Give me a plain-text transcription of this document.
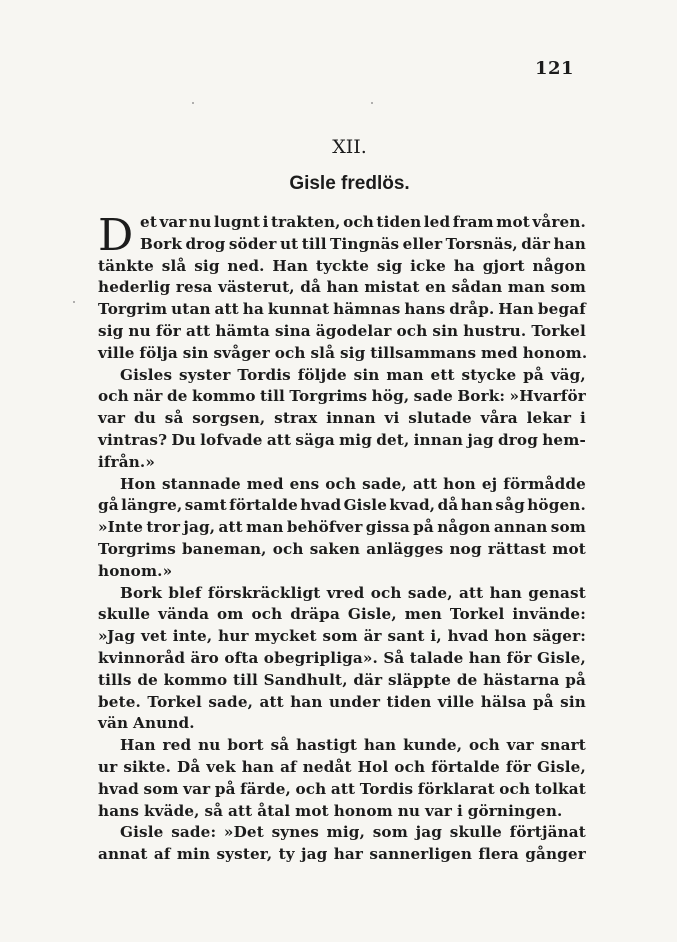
121
XII.
Gisle fredlös.
D et var nu lugnt i trakten, och tiden led fram mot våren.
Bork drog söder ut till Tingnäs eller Torsnäs, där han
tänkte slå sig ned. Han tyckte sig icke ha gjort någon
hederlig resa västerut, då han mistat en sådan man som
Torgrim utan att ha kunnat hämnas hans dråp. Han begaf
sig nu för att hämta sina ägodelar och sin hustru. Torkel
ville följa sin svåger och slå sig tillsammans med honom.
Gisles syster Tordis följde sin man ett stycke på väg,
och när de kommo till Torgrims hög, sade Bork: »Hvarför
var du så sorgsen, strax innan vi slutade våra lekar i
vintras? Du lofvade att säga mig det, innan jag drog hem-
ifrån.»
Hon stannade med ens och sade, att hon ej förmådde
gå längre, samt förtalde hvad Gisle kvad, då han såg högen.
»Inte tror jag, att man behöfver gissa på någon annan som
Torgrims baneman, och saken anlägges nog rättast mot
honom.»
Bork blef förskräckligt vred och sade, att han genast
skulle vända om och dräpa Gisle, men Torkel invände:
»Jag vet inte, hur mycket som är sant i, hvad hon säger:
kvinnoråd äro ofta obegripliga». Så talade han för Gisle,
tills de kommo till Sandhult, där släppte de hästarna på
bete. Torkel sade, att han under tiden ville hälsa på sin
vän Anund.
Han red nu bort så hastigt han kunde, och var snart
ur sikte. Då vek han af nedåt Hol och förtalde för Gisle,
hvad som var på färde, och att Tordis förklarat och tolkat
hans kväde, så att åtal mot honom nu var i görningen.
Gisle sade: »Det synes mig, som jag skulle förtjänat
annat af min syster, ty jag har sannerligen flera gånger
